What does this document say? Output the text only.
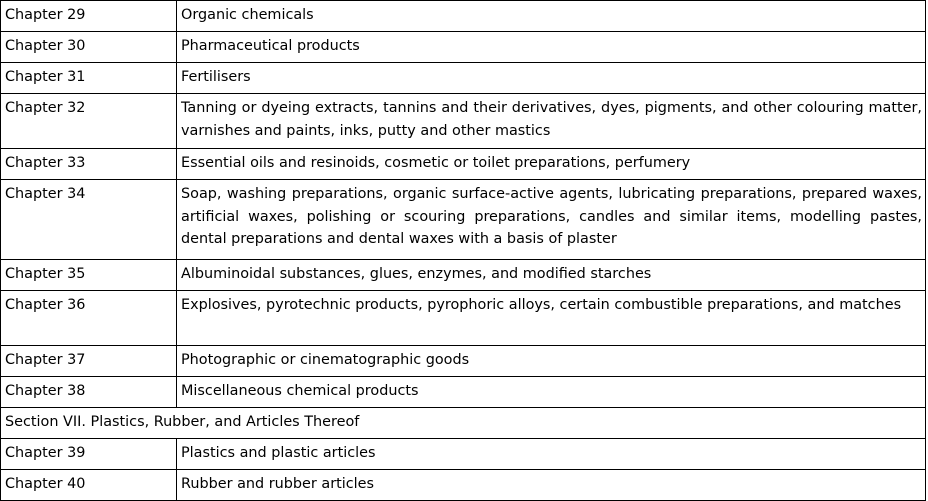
Chapter 29	Organic chemicals
Chapter 30	Pharmaceutical products
Chapter 31	Fertilisers
Chapter 32	Tanning or dyeing extracts, tannins and their derivatives, dyes, pigments, and other colouring matter, varnishes and paints, inks, putty and other mastics
Chapter 33	Essential oils and resinoids, cosmetic or toilet preparations, perfumery
Chapter 34	Soap, washing preparations, organic surface-active agents, lubricating preparations, prepared waxes, artificial waxes, polishing or scouring preparations, candles and similar items, modelling pastes, dental preparations and dental waxes with a basis of plaster
Chapter 35	Albuminoidal substances, glues, enzymes, and modified starches
Chapter 36	Explosives, pyrotechnic products, pyrophoric alloys, certain combustible preparations, and matches
Chapter 37	Photographic or cinematographic goods
Chapter 38	Miscellaneous chemical products
Section VII. Plastics, Rubber, and Articles Thereof	
Chapter 39	Plastics and plastic articles
Chapter 40	Rubber and rubber articles
